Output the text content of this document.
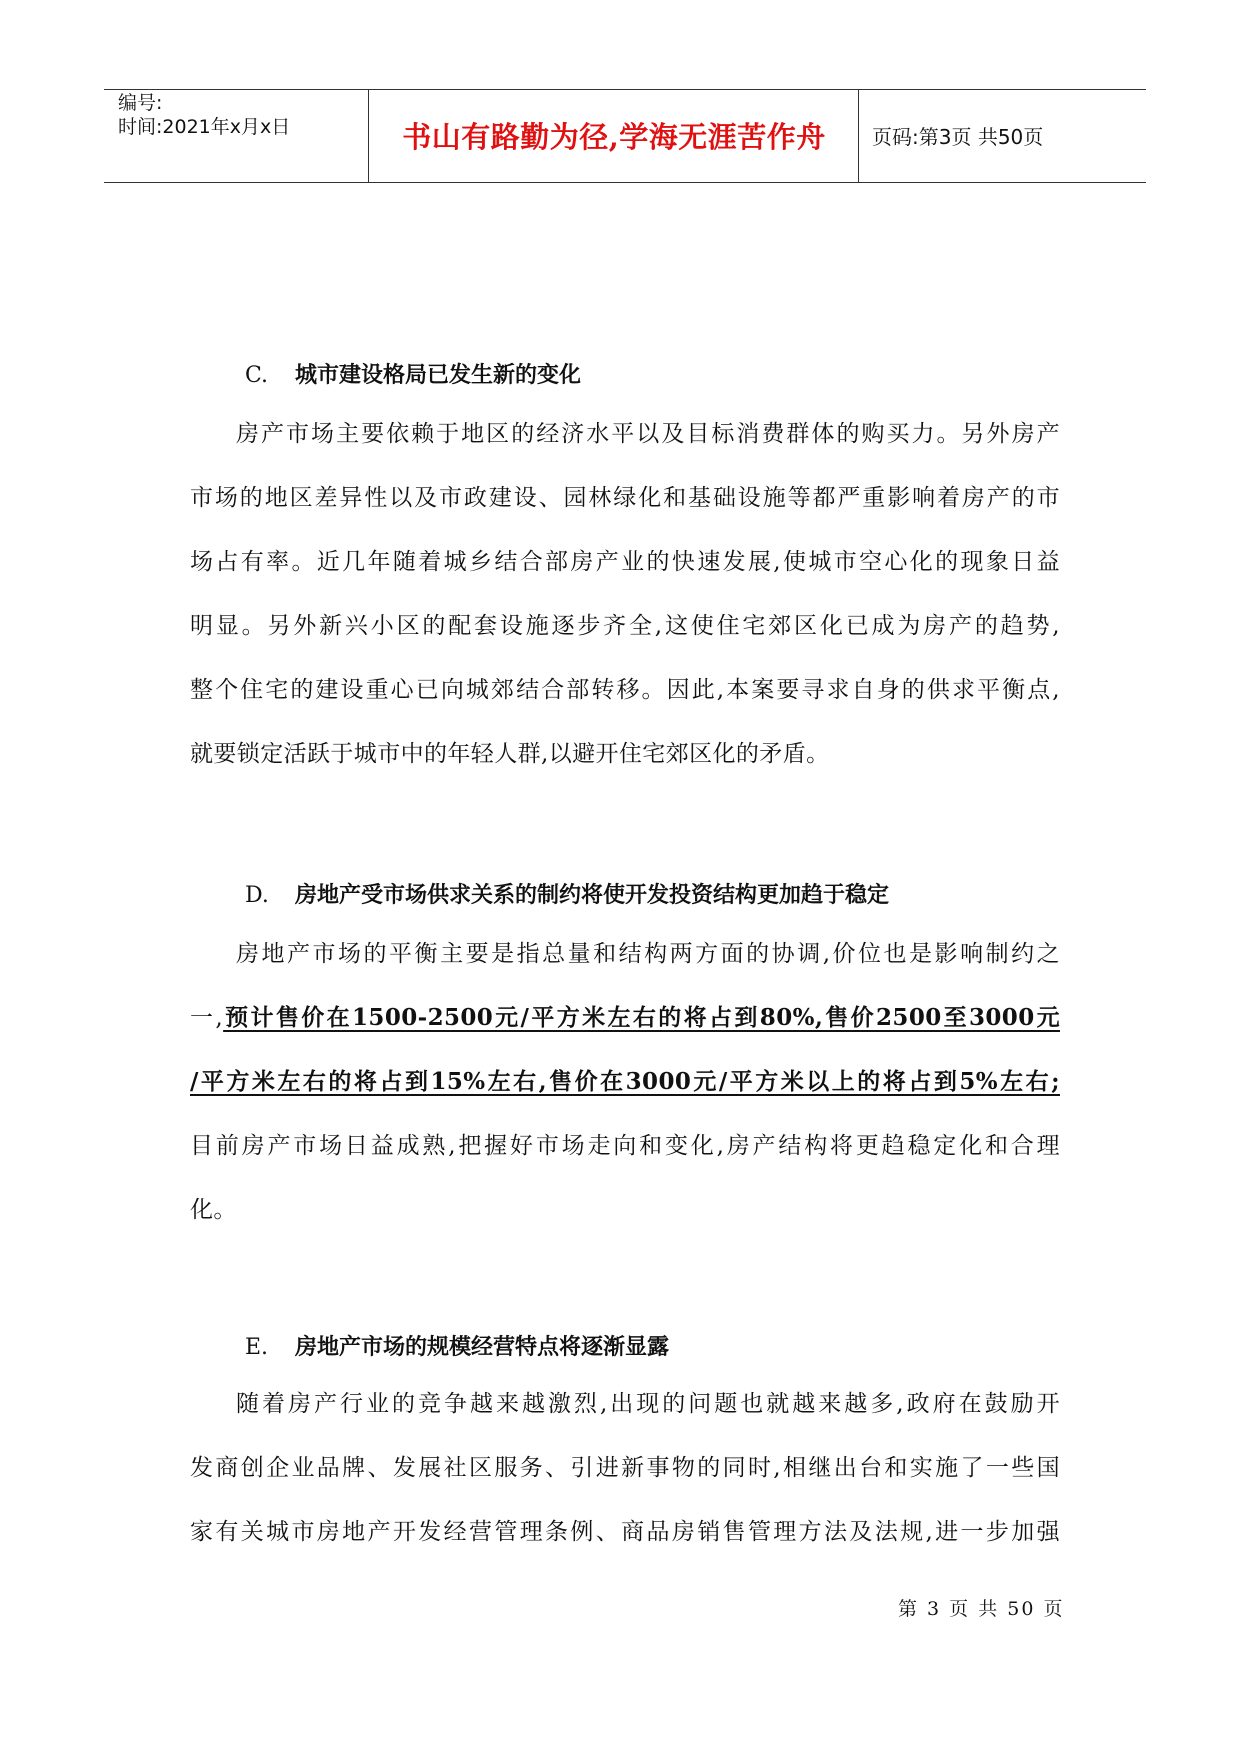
编号:
时间:2021年x月x日	书山有路勤为径,学海无涯苦作舟	页码:第3页 共50页
C. 城市建设格局已发生新的变化
房产市场主要依赖于地区的经济水平以及目标消费群体的购买力。另外房产
市场的地区差异性以及市政建设、园林绿化和基础设施等都严重影响着房产的市
场占有率。近几年随着城乡结合部房产业的快速发展,使城市空心化的现象日益
明显。另外新兴小区的配套设施逐步齐全,这使住宅郊区化已成为房产的趋势,
整个住宅的建设重心已向城郊结合部转移。因此,本案要寻求自身的供求平衡点,
就要锁定活跃于城市中的年轻人群,以避开住宅郊区化的矛盾。
D. 房地产受市场供求关系的制约将使开发投资结构更加趋于稳定
房地产市场的平衡主要是指总量和结构两方面的协调,价位也是影响制约之
一,预计售价在1500-2500元/平方米左右的将占到80%,售价2500至3000元
/平方米左右的将占到15%左右,售价在3000元/平方米以上的将占到5%左右;
目前房产市场日益成熟,把握好市场走向和变化,房产结构将更趋稳定化和合理
化。
E. 房地产市场的规模经营特点将逐渐显露
随着房产行业的竞争越来越激烈,出现的问题也就越来越多,政府在鼓励开
发商创企业品牌、发展社区服务、引进新事物的同时,相继出台和实施了一些国
家有关城市房地产开发经营管理条例、商品房销售管理方法及法规,进一步加强
第 3 页 共 50 页
